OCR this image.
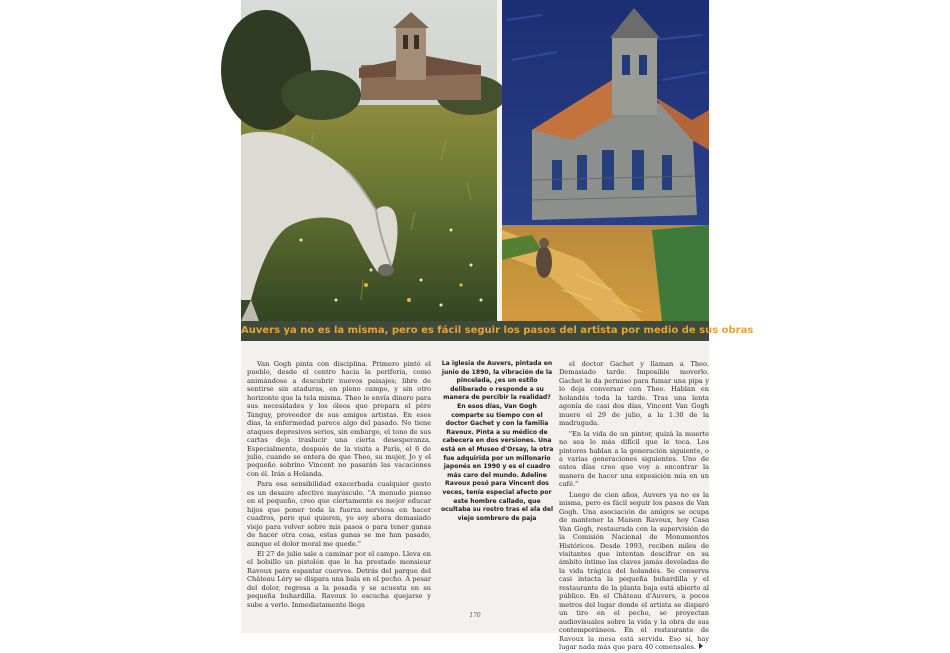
Auvers ya no es la misma, pero es fácil seguir los pasos del artista por medio de sus obras

Van Gogh pinta con disciplina. Primero pintó el pueblo, desde el centro hacia la periferia, como animándose a descubrir nuevos paisajes; libre de sentirse sin ataduras, en pleno campo, y sin otro horizonte que la tela misma. Theo le envía dinero para sus necesidades y los óleos que prepara el père Tanguy, proveedor de sus amigos artistas. En esos días, la enfermedad parece algo del pasado. No tiene ataques depresivos serios, sin embargo, el tono de sus cartas deja traslucir una cierta desesperanza. Especialmente, después de la visita a París, el 6 de julio, cuando se entera de que Theo, su mujer, Jo y el pequeño sobrino Vincent no pasarán las vacaciones con él. Irán a Holanda.

Para esa sensibilidad exacerbada cualquier gesto es un desaire afectivo mayúsculo. "A menudo pienso en el pequeño, creo que ciertamente es mejor educar hijos que poner toda la fuerza nerviosa en hacer cuadros, pero qué quieren, yo soy ahora demasiado viejo para volver sobre mis pasos o para tener ganas de hacer otra cosa, estas ganas se me han pasado, aunque el dolor moral me quede."

El 27 de julio sale a caminar por el campo. Lleva en el bolsillo un pistolón que le ha prestado monsieur Ravoux para espantar cuervos. Detrás del parque del Château Léry se dispara una bala en el pecho. A pesar del dolor, regresa a la posada y se acuesta en su pequeña buhardilla. Ravoux lo escucha quejarse y sube a verlo. Inmediatamente llega

La iglesia de Auvers, pintada en junio de 1890, la vibración de la pincelada, ¿es un estilo deliberado o responde a su manera de percibir la realidad? En esos días, Van Gogh comparte su tiempo con el doctor Gachet y con la familia Ravoux. Pinta a su médico de cabecera en dos versiones. Una está en el Museo d'Orsay, la otra fue adquirida por un millonario japonés en 1990 y es el cuadro más caro del mundo. Adeline Ravoux posó para Vincent dos veces, tenía especial afecto por este hombre callado, que ocultaba su rostro tras el ala del viejo sombrero de paja

el doctor Gachet y llaman a Theo. Demasiado tarde. Imposible moverlo. Gachet le da permiso para fumar una pipa y lo deja conversar con Theo. Hablan en holandés toda la tarde. Tras una lenta agonía de casi dos días, Vincent Van Gogh muere el 29 de julio, a la 1.30 de la madrugada.

"En la vida de un pintor, quizá la muerte no sea lo más difícil que le toca. Los pintores hablan a la generación siguiente, o a varias generaciones siguientes. Uno de estos días creo que voy a encontrar la manera de hacer una exposición mía en un café."

Luego de cien años, Auvers ya no es la misma, pero es fácil seguir los pasos de Van Gogh. Una asociación de amigos se ocupa de mantener la Maison Ravoux, hoy Casa Van Gogh, restaurada con la supervisión de la Comisión Nacional de Monumentos Históricos. Desde 1993, reciben miles de visitantes que intentan descifrar en su ámbito íntimo las claves jamás develadas de la vida trágica del holandés. Se conserva casi intacta la pequeña buhardilla y el restaurante de la planta baja está abierto al público. En el Château d'Auvers, a pocos metros del lugar donde el artista se disparó un tiro en el pecho, se proyectan audiovisuales sobre la vida y la obra de sus contemporáneos. En el restaurante de Ravoux la mesa está servida. Eso sí, hay lugar nada más que para 40 comensales.

170
